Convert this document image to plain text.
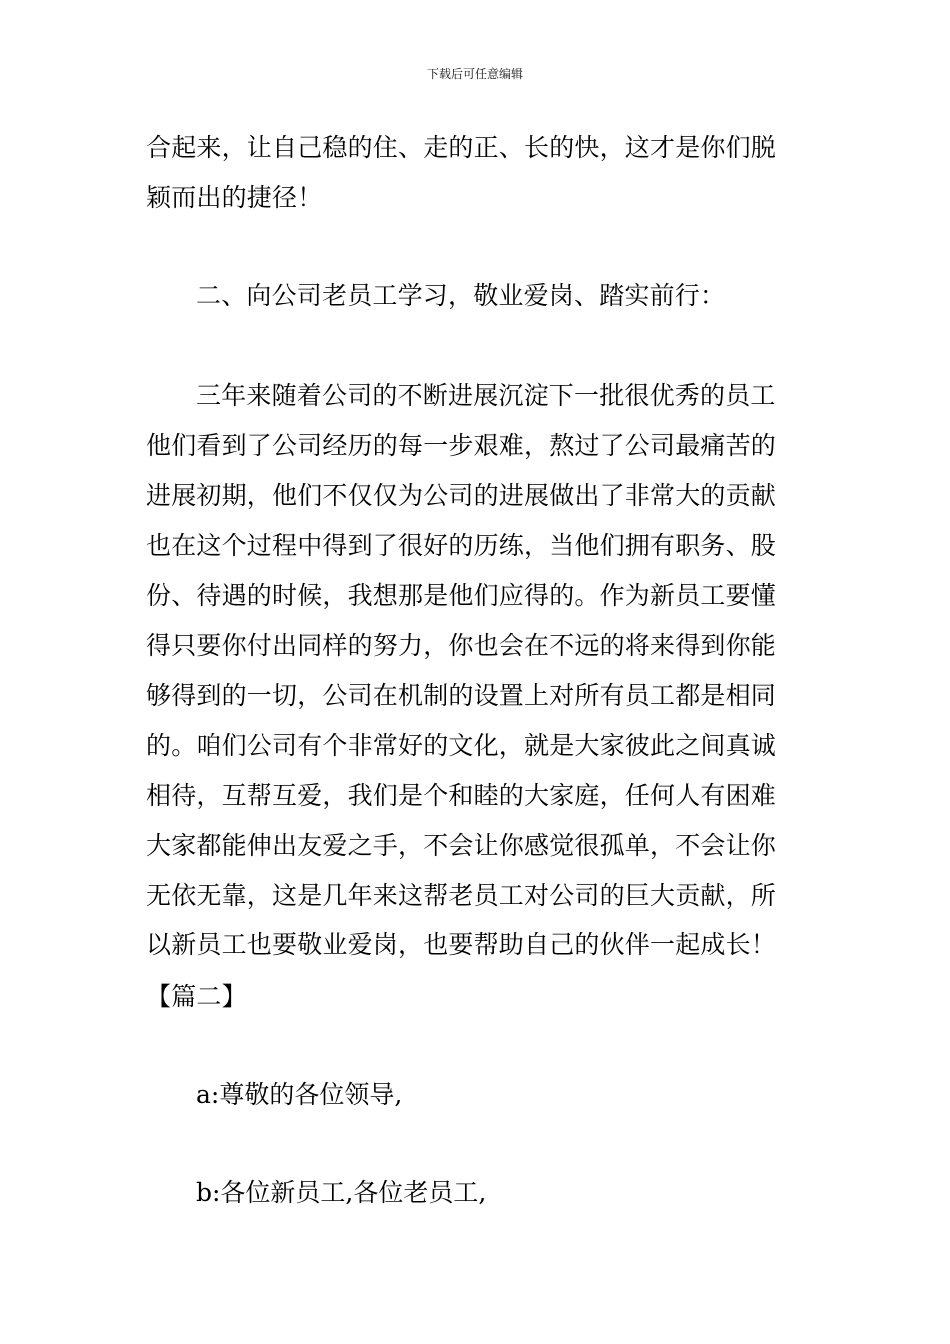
下载后可任意编辑
合起来，让自己稳的住、走的正、长的快，这才是你们脱
颖而出的捷径！
二、向公司老员工学习，敬业爱岗、踏实前行：
三年来随着公司的不断进展沉淀下一批很优秀的员工
他们看到了公司经历的每一步艰难，熬过了公司最痛苦的
进展初期，他们不仅仅为公司的进展做出了非常大的贡献
也在这个过程中得到了很好的历练，当他们拥有职务、股
份、待遇的时候，我想那是他们应得的。作为新员工要懂
得只要你付出同样的努力，你也会在不远的将来得到你能
够得到的一切，公司在机制的设置上对所有员工都是相同
的。咱们公司有个非常好的文化，就是大家彼此之间真诚
相待，互帮互爱，我们是个和睦的大家庭，任何人有困难
大家都能伸出友爱之手，不会让你感觉很孤单，不会让你
无依无靠，这是几年来这帮老员工对公司的巨大贡献，所
以新员工也要敬业爱岗，也要帮助自己的伙伴一起成长！
【篇二】
a:尊敬的各位领导,
b:各位新员工,各位老员工,
